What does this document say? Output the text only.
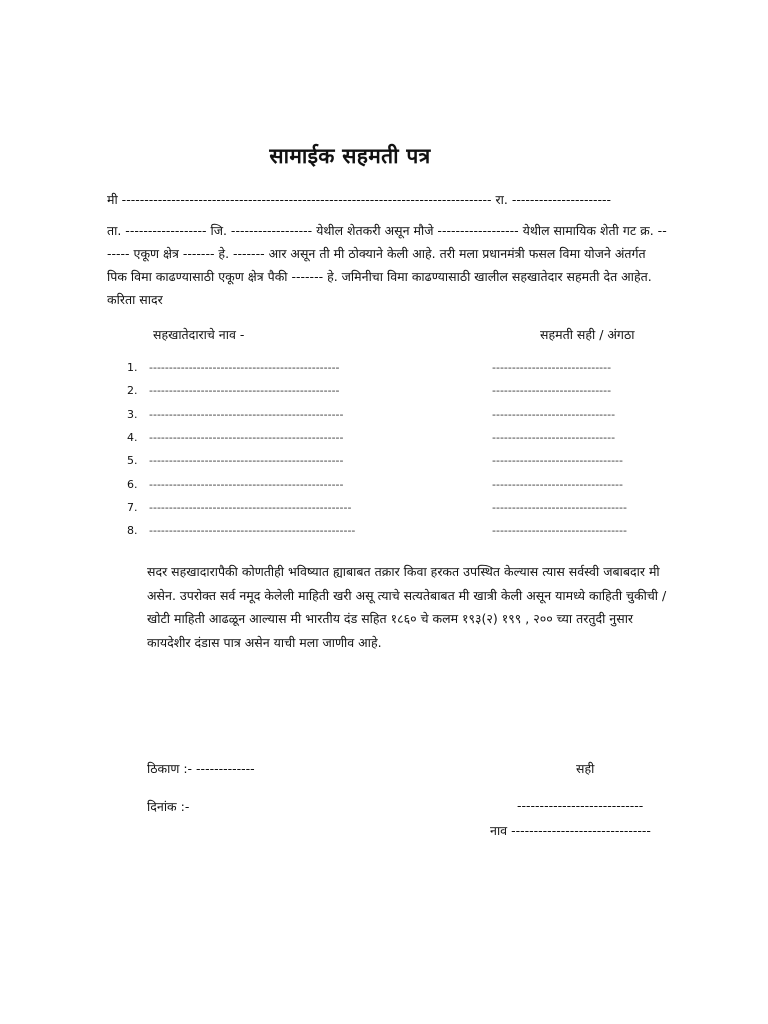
सामाईक सहमती पत्र
मी ---------------------------------------------------------------------------------- रा. ----------------------
ता. ------------------ जि. ------------------ येथील शेतकरी असून मौजे ------------------ येथील सामायिक शेती गट क्र. ------- एकूण क्षेत्र ------- हे. ------- आर असून ती मी ठोक्याने केली आहे. तरी मला प्रधानमंत्री फसल विमा योजने अंतर्गत पिक विमा काढण्यासाठी एकूण क्षेत्र पैकी ------- हे. जमिनीचा विमा काढण्यासाठी खालील सहखातेदार सहमती देत आहेत. करिता सादर
सहखातेदाराचे नाव -	सहमती सही / अंगठा
1. ------------------------------------------------	------------------------------
2. ------------------------------------------------	------------------------------
3. -------------------------------------------------	-------------------------------
4. -------------------------------------------------	-------------------------------
5. -------------------------------------------------	---------------------------------
6. -------------------------------------------------	---------------------------------
7. ---------------------------------------------------	----------------------------------
8. ----------------------------------------------------	----------------------------------
सदर सहखादारापैकी कोणतीही भविष्यात ह्याबाबत तक्रार किवा हरकत उपस्थित केल्यास त्यास सर्वस्वी जबाबदार मी असेन. उपरोक्त सर्व नमूद केलेली माहिती खरी असू त्याचे सत्यतेबाबत मी खात्री केली असून यामध्ये काहिती चुकीची /खोटी माहिती आढळून आल्यास मी भारतीय दंड सहित १८६० चे कलम १९३(२) १९९ , २०० च्या तरतुदी नुसार कायदेशीर दंडास पात्र असेन याची मला जाणीव आहे.
ठिकाण :- -------------	सही
दिनांक :-	----------------------------
नाव -------------------------------
